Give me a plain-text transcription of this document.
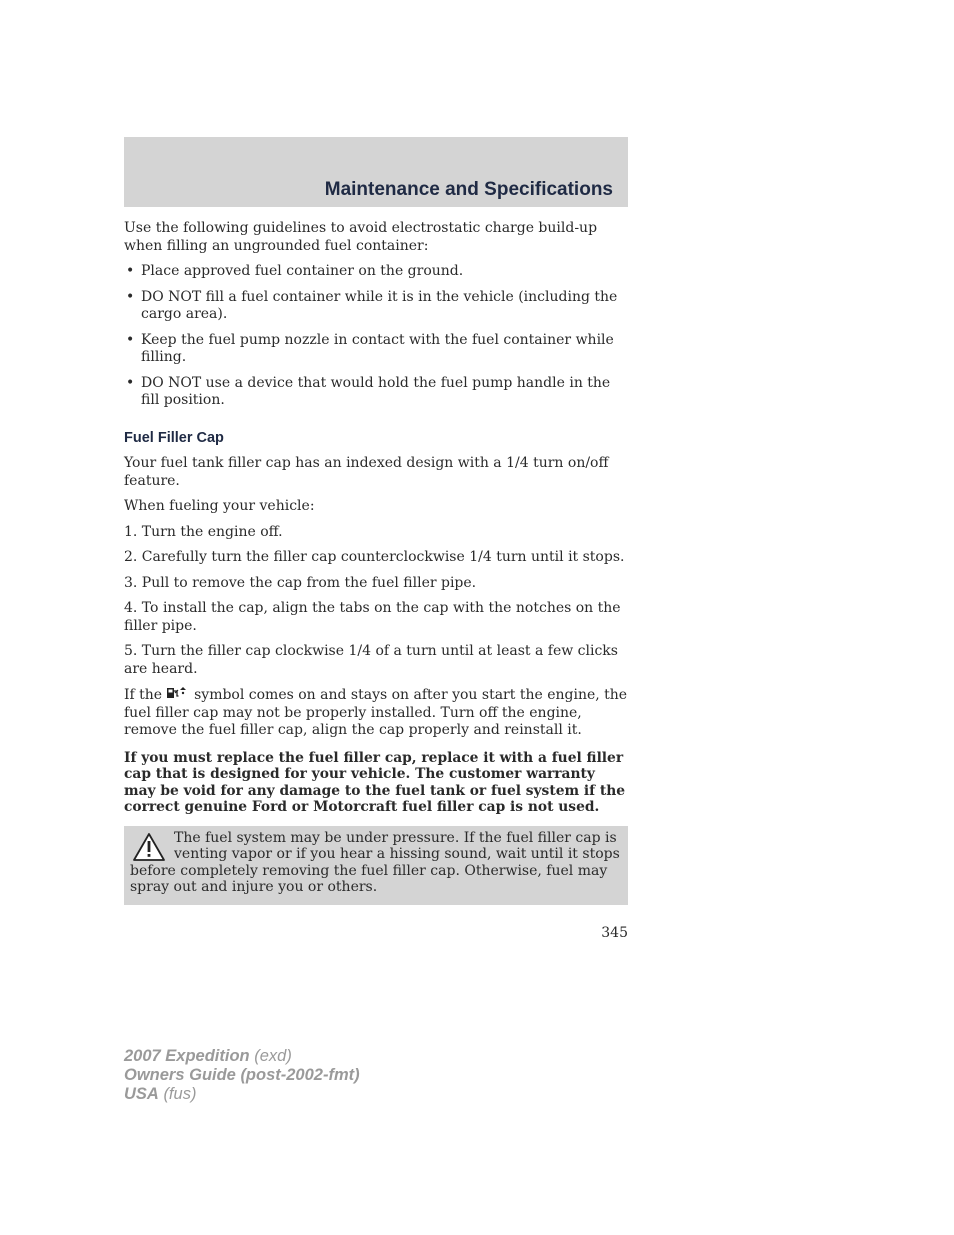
Maintenance and Specifications

Use the following guidelines to avoid electrostatic charge build-up when filling an ungrounded fuel container:

• Place approved fuel container on the ground.
• DO NOT fill a fuel container while it is in the vehicle (including the cargo area).
• Keep the fuel pump nozzle in contact with the fuel container while filling.
• DO NOT use a device that would hold the fuel pump handle in the fill position.
Fuel Filler Cap

Your fuel tank filler cap has an indexed design with a 1/4 turn on/off feature.

When fueling your vehicle:

1. Turn the engine off.

2. Carefully turn the filler cap counterclockwise 1/4 turn until it stops.

3. Pull to remove the cap from the fuel filler pipe.

4. To install the cap, align the tabs on the cap with the notches on the filler pipe.

5. Turn the filler cap clockwise 1/4 of a turn until at least a few clicks are heard.

If the symbol comes on and stays on after you start the engine, the fuel filler cap may not be properly installed. Turn off the engine, remove the fuel filler cap, align the cap properly and reinstall it.

If you must replace the fuel filler cap, replace it with a fuel filler cap that is designed for your vehicle. The customer warranty may be void for any damage to the fuel tank or fuel system if the correct genuine Ford or Motorcraft fuel filler cap is not used.

The fuel system may be under pressure. If the fuel filler cap is venting vapor or if you hear a hissing sound, wait until it stops before completely removing the fuel filler cap. Otherwise, fuel may spray out and injure you or others.
345
2007 Expedition (exd)
Owners Guide (post-2002-fmt)
USA (fus)
